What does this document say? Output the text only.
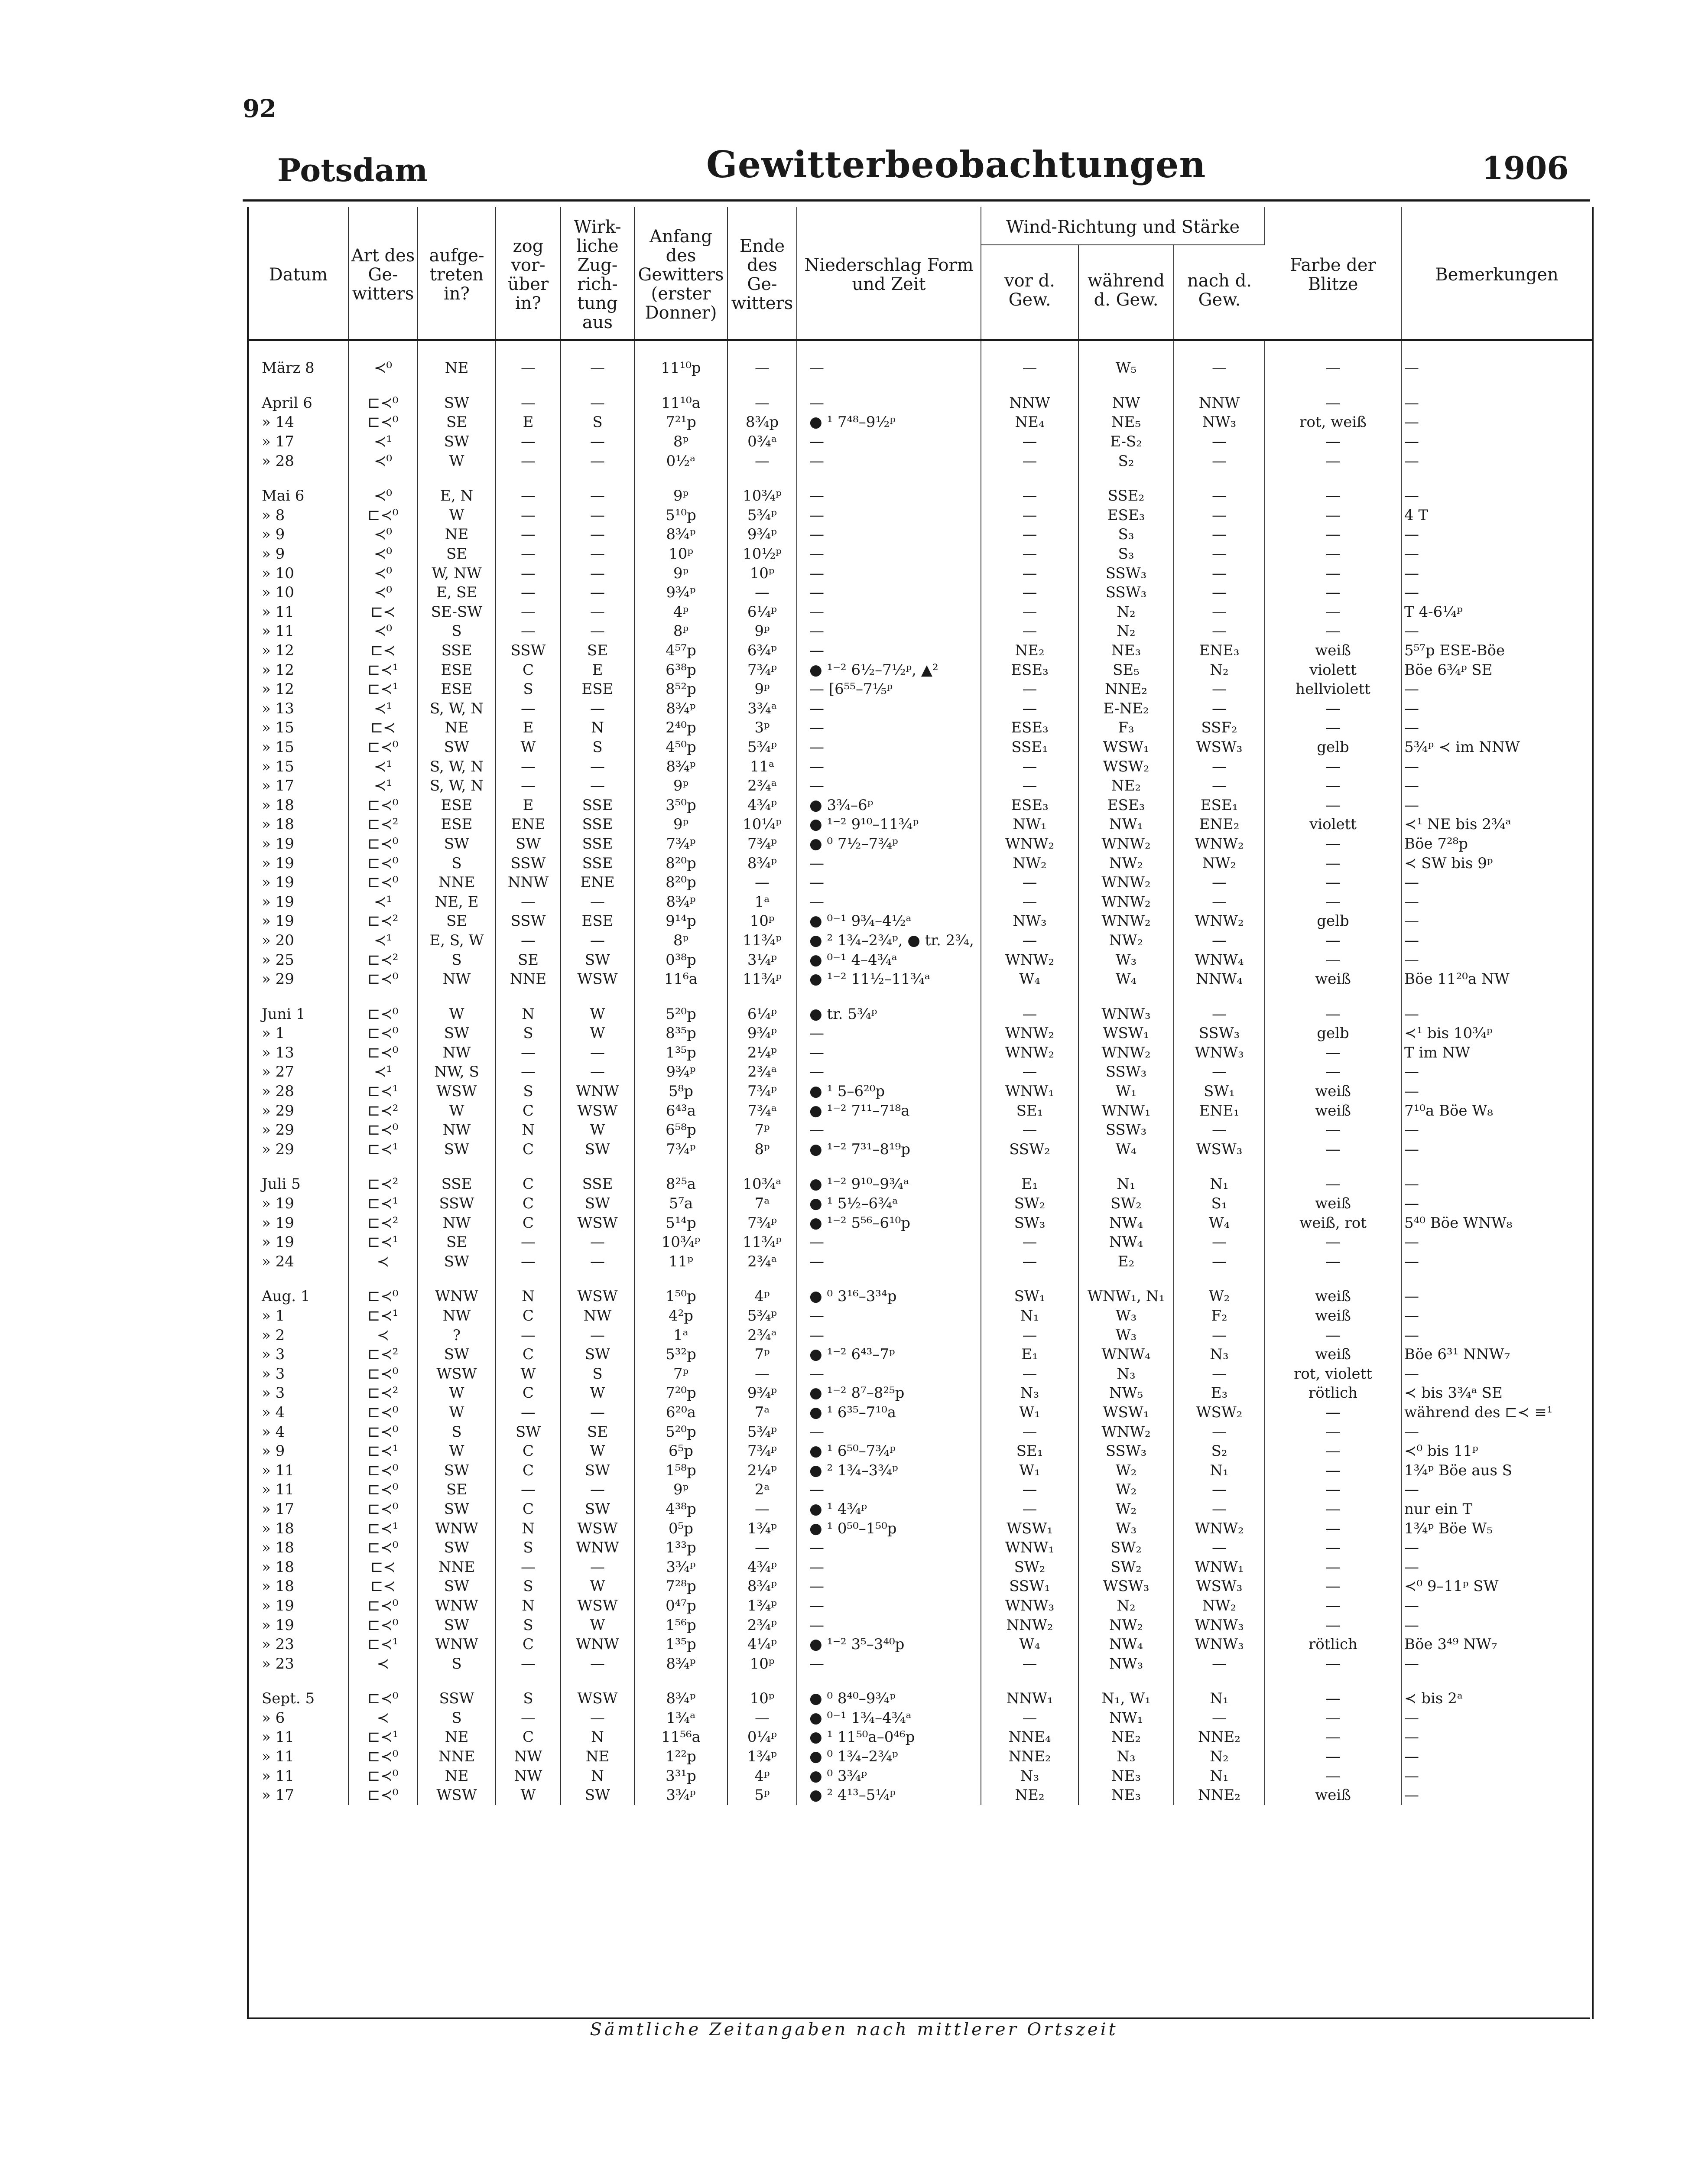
92
Potsdam	Gewitterbeobachtungen	1906
Datum	Art des Ge- witters	aufge- treten in?	zog vor- über in?	Wirk- liche Zug- rich- tung aus	Anfang des Gewitters (erster Donner)	Ende des Ge- witters	Niederschlag Form und Zeit	Wind-Richtung und Stärke			Farbe der Blitze	Bemerkungen
								vor d. Gew.	während d. Gew.	nach d. Gew.		
März 8	≺⁰	NE	—	—	11¹⁰p	—	—	—	W₅	—	—	—

April 6	⊏≺⁰	SW	—	—	11¹⁰a	—	—	NNW	NW	NNW	—	—
» 14	⊏≺⁰	SE	E	S	7²¹p	8¾p	● ¹ 7⁴⁸–9½ᵖ	NE₄	NE₅	NW₃	rot, weiß	—
» 17	≺¹	SW	—	—	8ᵖ	0¾ᵃ	—	—	E-S₂	—	—	—
» 28	≺⁰	W	—	—	0½ᵃ	—	—	—	S₂	—	—	—

Mai 6	≺⁰	E, N	—	—	9ᵖ	10¾ᵖ	—	—	SSE₂	—	—	—
» 8	⊏≺⁰	W	—	—	5¹⁰p	5¾ᵖ	—	—	ESE₃	—	—	4 T
» 9	≺⁰	NE	—	—	8¾ᵖ	9¾ᵖ	—	—	S₃	—	—	—
» 9	≺⁰	SE	—	—	10ᵖ	10½ᵖ	—	—	S₃	—	—	—
» 10	≺⁰	W, NW	—	—	9ᵖ	10ᵖ	—	—	SSW₃	—	—	—
» 10	≺⁰	E, SE	—	—	9¾ᵖ	—	—	—	SSW₃	—	—	—
» 11	⊏≺	SE-SW	—	—	4ᵖ	6¼ᵖ	—	—	N₂	—	—	T 4-6¼ᵖ
» 11	≺⁰	S	—	—	8ᵖ	9ᵖ	—	—	N₂	—	—	—
» 12	⊏≺	SSE	SSW	SE	4⁵⁷p	6¾ᵖ	—	NE₂	NE₃	ENE₃	weiß	5⁵⁷p ESE-Böe
» 12	⊏≺¹	ESE	C	E	6³⁸p	7¾ᵖ	● ¹⁻² 6½–7½ᵖ, ▲²	ESE₃	SE₅	N₂	violett	Böe 6¾ᵖ SE
» 12	⊏≺¹	ESE	S	ESE	8⁵²p	9ᵖ	— [6⁵⁵–7⅕ᵖ	—	NNE₂	—	hellviolett	—
» 13	≺¹	S, W, N	—	—	8¾ᵖ	3¾ᵃ	—	—	E-NE₂	—	—	—
» 15	⊏≺	NE	E	N	2⁴⁰p	3ᵖ	—	ESE₃	F₃	SSF₂	—	—
» 15	⊏≺⁰	SW	W	S	4⁵⁰p	5¾ᵖ	—	SSE₁	WSW₁	WSW₃	gelb	5¾ᵖ ≺ im NNW
» 15	≺¹	S, W, N	—	—	8¾ᵖ	11ᵃ	—	—	WSW₂	—	—	—
» 17	≺¹	S, W, N	—	—	9ᵖ	2¾ᵃ	—	—	NE₂	—	—	—
» 18	⊏≺⁰	ESE	E	SSE	3⁵⁰p	4¾ᵖ	● 3¾–6ᵖ	ESE₃	ESE₃	ESE₁	—	—
» 18	⊏≺²	ESE	ENE	SSE	9ᵖ	10¼ᵖ	● ¹⁻² 9¹⁰–11¾ᵖ	NW₁	NW₁	ENE₂	violett	≺¹ NE bis 2¾ᵃ
» 19	⊏≺⁰	SW	SW	SSE	7¾ᵖ	7¾ᵖ	● ⁰ 7½–7¾ᵖ	WNW₂	WNW₂	WNW₂	—	Böe 7²⁸p
» 19	⊏≺⁰	S	SSW	SSE	8²⁰p	8¾ᵖ	—	NW₂	NW₂	NW₂	—	≺ SW bis 9ᵖ
» 19	⊏≺⁰	NNE	NNW	ENE	8²⁰p	—	—	—	WNW₂	—	—	—
» 19	≺¹	NE, E	—	—	8¾ᵖ	1ᵃ	—	—	WNW₂	—	—	—
» 19	⊏≺²	SE	SSW	ESE	9¹⁴p	10ᵖ	● ⁰⁻¹ 9¾–4½ᵃ	NW₃	WNW₂	WNW₂	gelb	—
» 20	≺¹	E, S, W	—	—	8ᵖ	11¾ᵖ	● ² 1¾–2¾ᵖ, ● tr. 2¾,	—	NW₂	—	—	—
» 25	⊏≺²	S	SE	SW	0³⁸p	3¼ᵖ	● ⁰⁻¹ 4–4¾ᵃ	WNW₂	W₃	WNW₄	—	—
» 29	⊏≺⁰	NW	NNE	WSW	11⁶a	11¾ᵖ	● ¹⁻² 11½–11¾ᵃ	W₄	W₄	NNW₄	weiß	Böe 11²⁰a NW

Juni 1	⊏≺⁰	W	N	W	5²⁰p	6¼ᵖ	● tr. 5¾ᵖ	—	WNW₃	—	—	—
» 1	⊏≺⁰	SW	S	W	8³⁵p	9¾ᵖ	—	WNW₂	WSW₁	SSW₃	gelb	≺¹ bis 10¾ᵖ
» 13	⊏≺⁰	NW	—	—	1³⁵p	2¼ᵖ	—	WNW₂	WNW₂	WNW₃	—	T im NW
» 27	≺¹	NW, S	—	—	9¾ᵖ	2¾ᵃ	—	—	SSW₃	—	—	—
» 28	⊏≺¹	WSW	S	WNW	5⁸p	7¾ᵖ	● ¹ 5–6²⁰p	WNW₁	W₁	SW₁	weiß	—
» 29	⊏≺²	W	C	WSW	6⁴³a	7¾ᵃ	● ¹⁻² 7¹¹–7¹⁸a	SE₁	WNW₁	ENE₁	weiß	7¹⁰a Böe W₈
» 29	⊏≺⁰	NW	N	W	6⁵⁸p	7ᵖ	—	—	SSW₃	—	—	—
» 29	⊏≺¹	SW	C	SW	7¾ᵖ	8ᵖ	● ¹⁻² 7³¹–8¹⁹p	SSW₂	W₄	WSW₃	—	—

Juli 5	⊏≺²	SSE	C	SSE	8²⁵a	10¾ᵃ	● ¹⁻² 9¹⁰–9¾ᵃ	E₁	N₁	N₁	—	—
» 19	⊏≺¹	SSW	C	SW	5⁷a	7ᵃ	● ¹ 5½–6¾ᵃ	SW₂	SW₂	S₁	weiß	—
» 19	⊏≺²	NW	C	WSW	5¹⁴p	7¾ᵖ	● ¹⁻² 5⁵⁶–6¹⁰p	SW₃	NW₄	W₄	weiß, rot	5⁴⁰ Böe WNW₈
» 19	⊏≺¹	SE	—	—	10¾ᵖ	11¾ᵖ	—	—	NW₄	—	—	—
» 24	≺	SW	—	—	11ᵖ	2¾ᵃ	—	—	E₂	—	—	—

Aug. 1	⊏≺⁰	WNW	N	WSW	1⁵⁰p	4ᵖ	● ⁰ 3¹⁶–3³⁴p	SW₁	WNW₁, N₁	W₂	weiß	—
» 1	⊏≺¹	NW	C	NW	4²p	5¾ᵖ	—	N₁	W₃	F₂	weiß	—
» 2	≺	?	—	—	1ᵃ	2¾ᵃ	—	—	W₃	—	—	—
» 3	⊏≺²	SW	C	SW	5³²p	7ᵖ	● ¹⁻² 6⁴³–7ᵖ	E₁	WNW₄	N₃	weiß	Böe 6³¹ NNW₇
» 3	⊏≺⁰	WSW	W	S	7ᵖ	—	—	—	N₃	—	rot, violett	—
» 3	⊏≺²	W	C	W	7²⁰p	9¾ᵖ	● ¹⁻² 8⁷–8²⁵p	N₃	NW₅	E₃	rötlich	≺ bis 3¾ᵃ SE
» 4	⊏≺⁰	W	—	—	6²⁰a	7ᵃ	● ¹ 6³⁵–7¹⁰a	W₁	WSW₁	WSW₂	—	während des ⊏≺ ≡¹
» 4	⊏≺⁰	S	SW	SE	5²⁰p	5¾ᵖ	—	—	WNW₂	—	—	—
» 9	⊏≺¹	W	C	W	6⁵p	7¾ᵖ	● ¹ 6⁵⁰–7¾ᵖ	SE₁	SSW₃	S₂	—	≺⁰ bis 11ᵖ
» 11	⊏≺⁰	SW	C	SW	1⁵⁸p	2¼ᵖ	● ² 1¾–3¾ᵖ	W₁	W₂	N₁	—	1¾ᵖ Böe aus S
» 11	⊏≺⁰	SE	—	—	9ᵖ	2ᵃ	—	—	W₂	—	—	—
» 17	⊏≺⁰	SW	C	SW	4³⁸p	—	● ¹ 4¾ᵖ	—	W₂	—	—	nur ein T
» 18	⊏≺¹	WNW	N	WSW	0⁵p	1¾ᵖ	● ¹ 0⁵⁰–1⁵⁰p	WSW₁	W₃	WNW₂	—	1¾ᵖ Böe W₅
» 18	⊏≺⁰	SW	S	WNW	1³³p	—	—	WNW₁	SW₂	—	—	—
» 18	⊏≺	NNE	—	—	3¾ᵖ	4¾ᵖ	—	SW₂	SW₂	WNW₁	—	—
» 18	⊏≺	SW	S	W	7²⁸p	8¾ᵖ	—	SSW₁	WSW₃	WSW₃	—	≺⁰ 9–11ᵖ SW
» 19	⊏≺⁰	WNW	N	WSW	0⁴⁷p	1¾ᵖ	—	WNW₃	N₂	NW₂	—	—
» 19	⊏≺⁰	SW	S	W	1⁵⁶p	2¾ᵖ	—	NNW₂	NW₂	WNW₃	—	—
» 23	⊏≺¹	WNW	C	WNW	1³⁵p	4¼ᵖ	● ¹⁻² 3⁵–3⁴⁰p	W₄	NW₄	WNW₃	rötlich	Böe 3⁴⁹ NW₇
» 23	≺	S	—	—	8¾ᵖ	10ᵖ	—	—	NW₃	—	—	—

Sept. 5	⊏≺⁰	SSW	S	WSW	8¾ᵖ	10ᵖ	● ⁰ 8⁴⁰–9¾ᵖ	NNW₁	N₁, W₁	N₁	—	≺ bis 2ᵃ
» 6	≺	S	—	—	1¾ᵃ	—	● ⁰⁻¹ 1¾–4¾ᵃ	—	NW₁	—	—	—
» 11	⊏≺¹	NE	C	N	11⁵⁶a	0¼ᵖ	● ¹ 11⁵⁰a–0⁴⁶p	NNE₄	NE₂	NNE₂	—	—
» 11	⊏≺⁰	NNE	NW	NE	1²²p	1¾ᵖ	● ⁰ 1¾–2¾ᵖ	NNE₂	N₃	N₂	—	—
» 11	⊏≺⁰	NE	NW	N	3³¹p	4ᵖ	● ⁰ 3¾ᵖ	N₃	NE₃	N₁	—	—
» 17	⊏≺⁰	WSW	W	SW	3¾ᵖ	5ᵖ	● ² 4¹³–5¼ᵖ	NE₂	NE₃	NNE₂	weiß	—
Sämtliche Zeitangaben nach mittlerer Ortszeit
